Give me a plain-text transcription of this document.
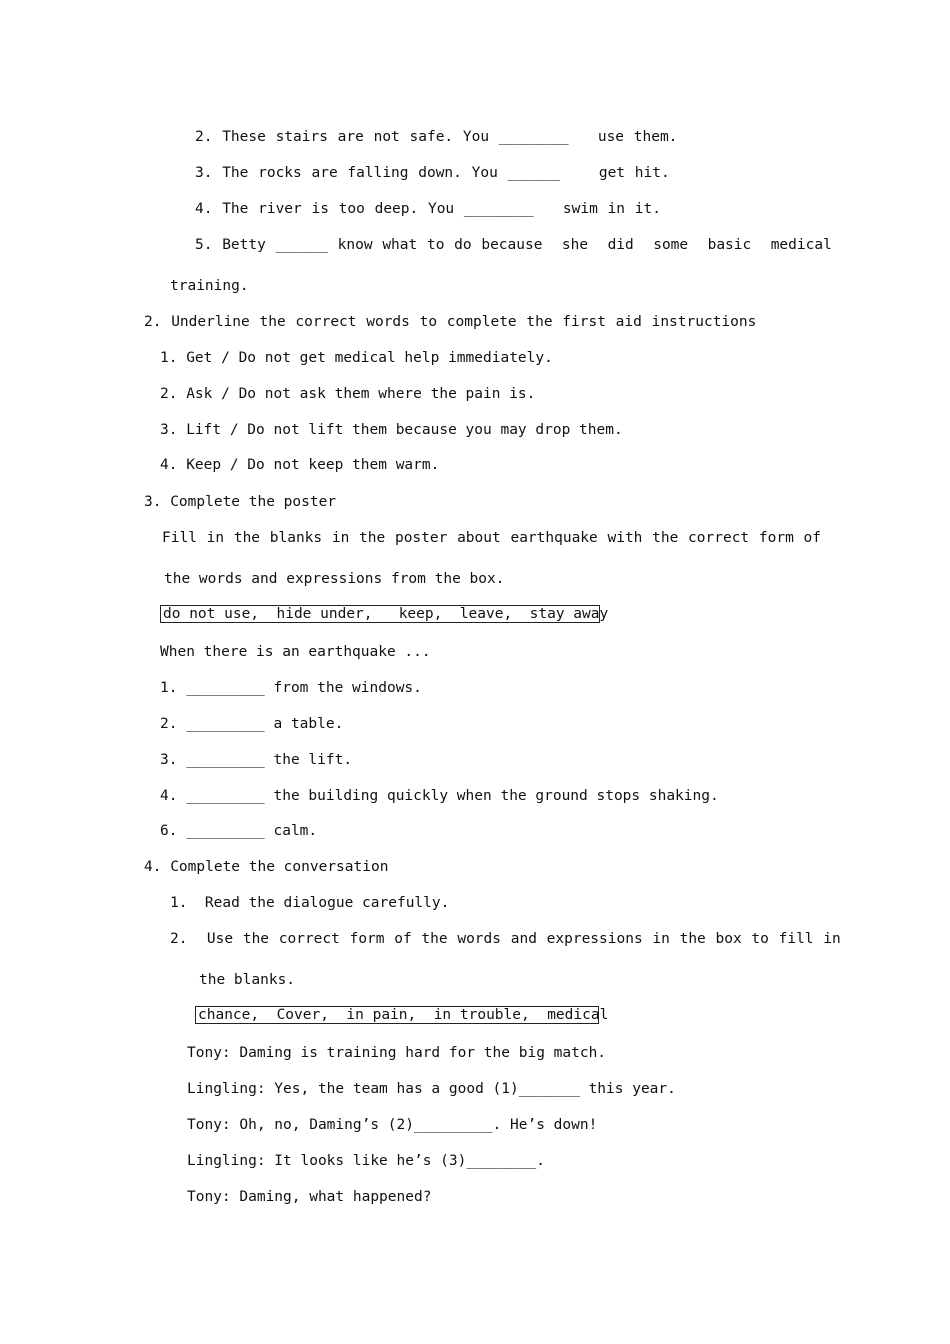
2. These stairs are not safe. You ________   use them.
3. The rocks are falling down. You ______    get hit.
4. The river is too deep. You ________   swim in it.
5. Betty ______ know what to do because  she  did  some  basic  medical
training.
2. Underline the correct words to complete the first aid instructions
1. Get / Do not get medical help immediately.
2. Ask / Do not ask them where the pain is.
3. Lift / Do not lift them because you may drop them.
4. Keep / Do not keep them warm.
3. Complete the poster
Fill in the blanks in the poster about earthquake with the correct form of
the words and expressions from the box.
do not use,  hide under,   keep,  leave,  stay away
When there is an earthquake ...
1. _________ from the windows.
2. _________ a table.
3. _________ the lift.
4. _________ the building quickly when the ground stops shaking.
6. _________ calm.
4. Complete the conversation
1.  Read the dialogue carefully.
2.  Use the correct form of the words and expressions in the box to fill in
the blanks.
chance,  Cover,  in pain,  in trouble,  medical
Tony: Daming is training hard for the big match.
Lingling: Yes, the team has a good (1)_______ this year.
Tony: Oh, no, Daming’s (2)_________. He’s down!
Lingling: It looks like he’s (3)________.
Tony: Daming, what happened?
